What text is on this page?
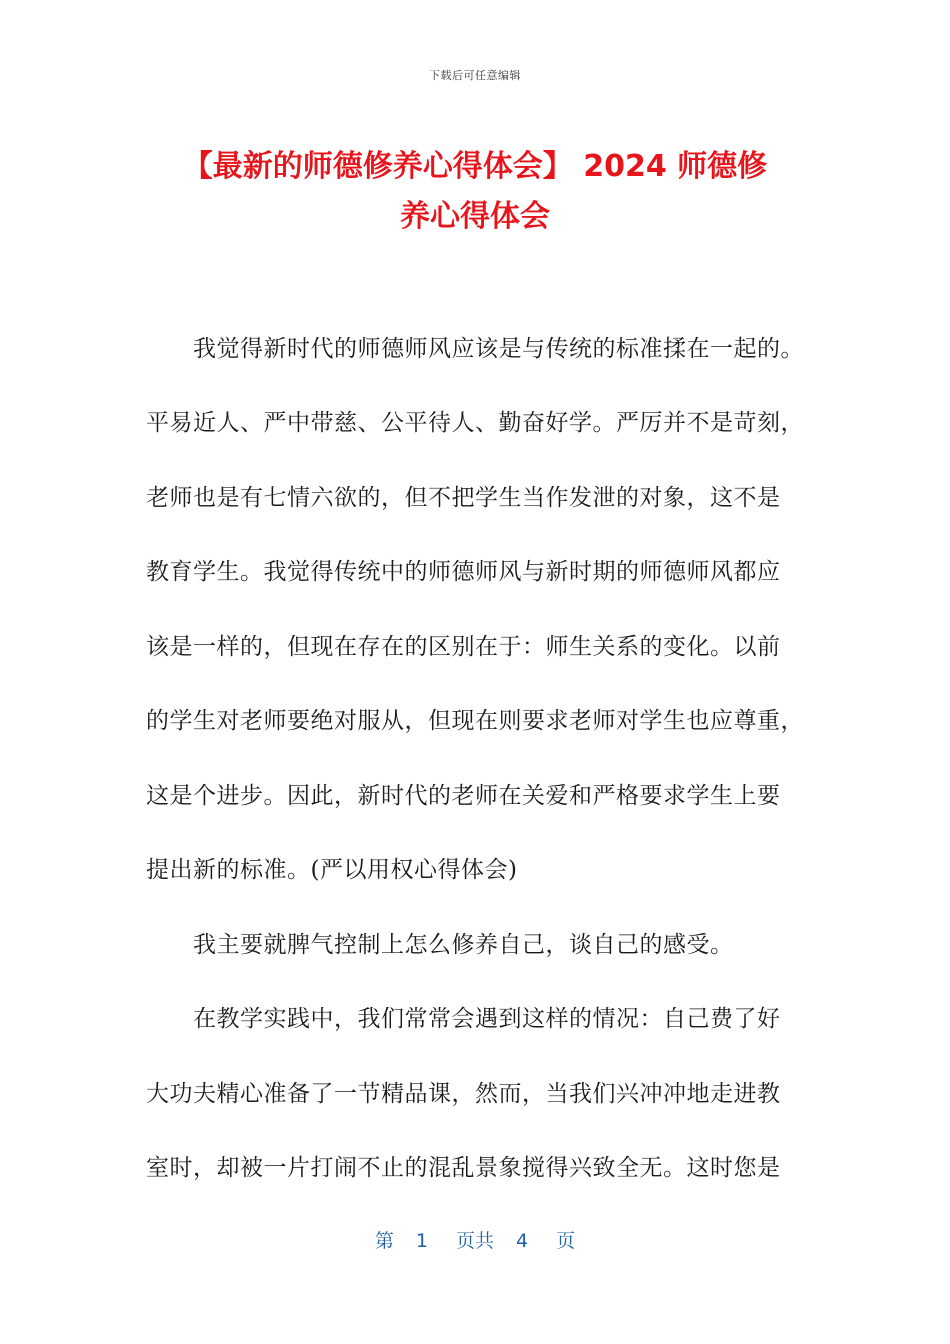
下载后可任意编辑
【最新的师德修养心得体会】 2024 师德修
养心得体会
我觉得新时代的师德师风应该是与传统的标准揉在一起的。
平易近人、严中带慈、公平待人、勤奋好学。严厉并不是苛刻，
老师也是有七情六欲的，但不把学生当作发泄的对象，这不是
教育学生。我觉得传统中的师德师风与新时期的师德师风都应
该是一样的，但现在存在的区别在于：师生关系的变化。以前
的学生对老师要绝对服从，但现在则要求老师对学生也应尊重，
这是个进步。因此，新时代的老师在关爱和严格要求学生上要
提出新的标准。(严以用权心得体会)
我主要就脾气控制上怎么修养自己，谈自己的感受。
在教学实践中，我们常常会遇到这样的情况：自己费了好
大功夫精心准备了一节精品课，然而，当我们兴冲冲地走进教
室时，却被一片打闹不止的混乱景象搅得兴致全无。这时您是
第 1 页共 4 页
